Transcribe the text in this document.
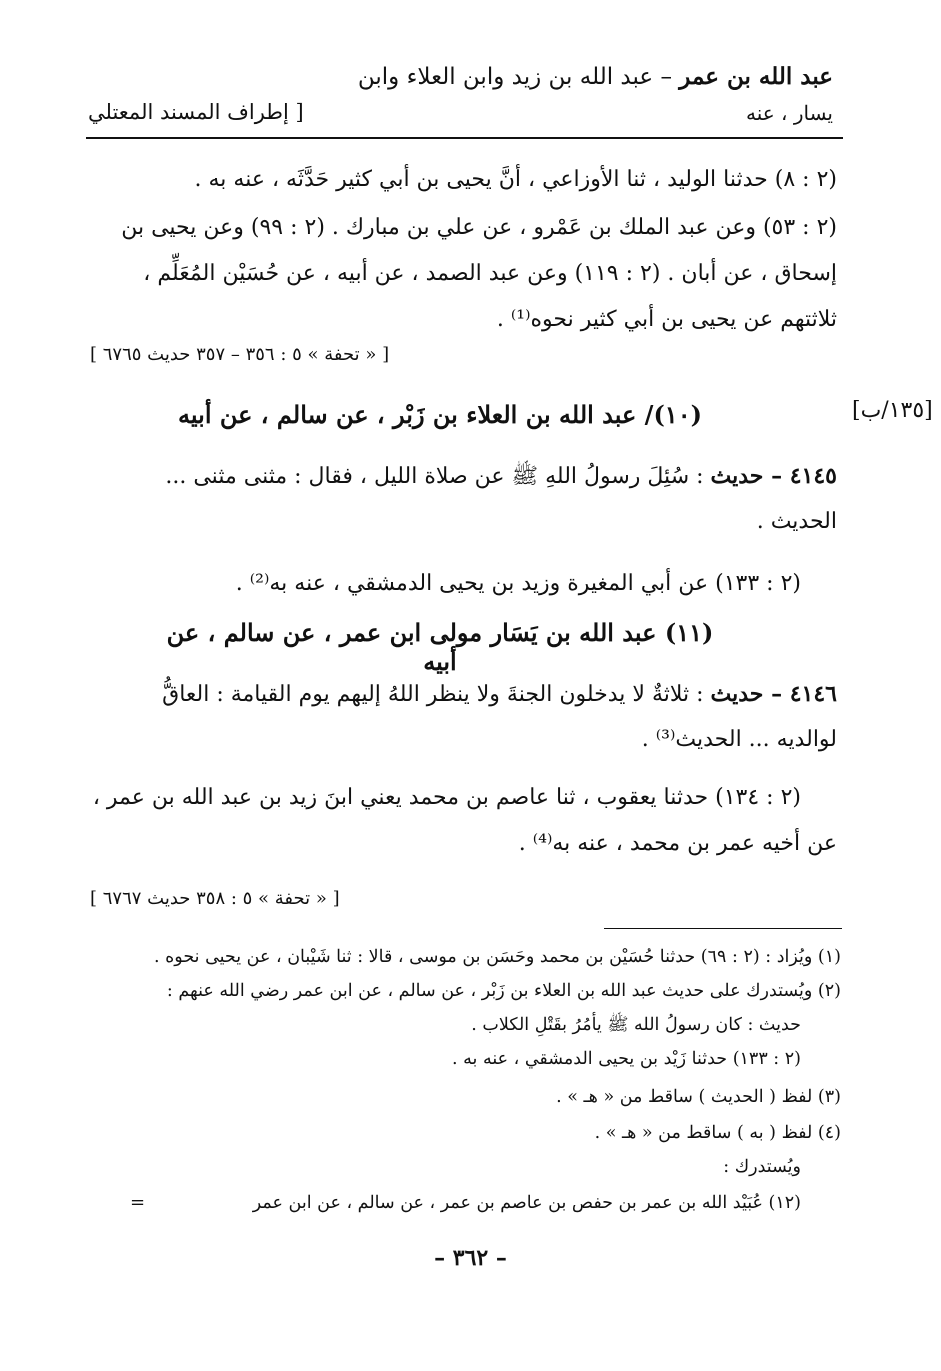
عبد الله بن عمر – عبد الله بن زيد وابن العلاء وابن
يسار ، عنه
[ إطراف المسند المعتلي
(٢ : ٨) حدثنا الوليد ، ثنا الأوزاعي ، أنَّ يحيى بن أبي كثير حَدَّثَه ، عنه به .
(٢ : ٥٣) وعن عبد الملك بن عَمْرو ، عن علي بن مبارك . (٢ : ٩٩) وعن يحيى بن
إسحاق ، عن أبان . (٢ : ١١٩) وعن عبد الصمد ، عن أبيه ، عن حُسَيْن المُعَلِّم ،
ثلاثتهم عن يحيى بن أبي كثير نحوه⁽¹⁾ .
[ « تحفة » ٥ : ٣٥٦ – ٣٥٧ حديث ٦٧٦٥ ]
[١٣٥/ب]
(١٠)/ عبد الله بن العلاء بن زَبْر ، عن سالم ، عن أبيه
٤١٤٥ – حديث : سُئِلَ رسولُ اللهِ ﷺ عن صلاة الليل ، فقال : مثنى مثنى ...
الحديث .
(٢ : ١٣٣) عن أبي المغيرة وزيد بن يحيى الدمشقي ، عنه به⁽²⁾ .
(١١) عبد الله بن يَسَار مولى ابن عمر ، عن سالم ، عن أبيه
٤١٤٦ – حديث : ثلاثةٌ لا يدخلون الجنةَ ولا ينظر اللهُ إليهم يوم القيامة : العاقُّ
لوالديه ... الحديث⁽³⁾ .
(٢ : ١٣٤) حدثنا يعقوب ، ثنا عاصم بن محمد يعني ابنَ زيد بن عبد الله بن عمر ،
عن أخيه عمر بن محمد ، عنه به⁽⁴⁾ .
[ « تحفة » ٥ : ٣٥٨ حديث ٦٧٦٧ ]
(١) ويُزاد : (٢ : ٦٩) حدثنا حُسَيْن بن محمد وحَسَن بن موسى ، قالا : ثنا شَيْبان ، عن يحيى نحوه .
(٢) ويُستدرك على حديث عبد الله بن العلاء بن زَبْر ، عن سالم ، عن ابن عمر رضي الله عنهم :
حديث : كان رسولُ الله ﷺ يأمُرُ بقَتْلِ الكلاب .
(٢ : ١٣٣) حدثنا زَيْد بن يحيى الدمشقي ، عنه به .
(٣) لفظ ( الحديث ) ساقط من « هـ » .
(٤) لفظ ( به ) ساقط من « هـ » .
ويُستدرك :
(١٢) عُبَيْد الله بن عمر بن حفص بن عاصم بن عمر ، عن سالم ، عن ابن عمر
=
– ٣٦٢ –
